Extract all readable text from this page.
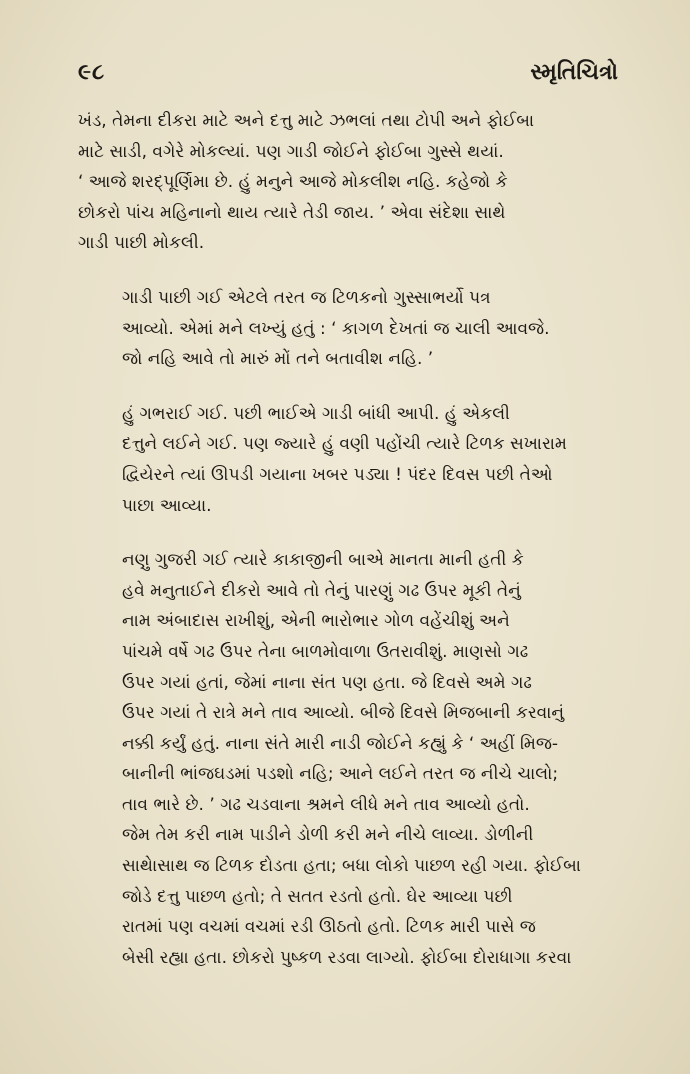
૯૮	સ્મૃતિચિત્રો

ખંડ, તેમના દીકરા માટે અને દત્તુ માટે ઝભલાં તથા ટોપી અને ફોઈબા
માટે સાડી, વગેરે મોકલ્યાં. પણ ગાડી જોઈને ફોઈબા ગુસ્સે થયાં.
‘ આજે શરદ્પૂર્ણિમા છે. હું મનુને આજે મોકલીશ નહિ. કહેજો કે
છોકરો પાંચ મહિનાનો થાય ત્યારે તેડી જાય. ’ એવા સંદેશા સાથે
ગાડી પાછી મોકલી.

ગાડી પાછી ગઈ એટલે તરત જ ટિળકનો ગુસ્સાભર્યો પત્ર
આવ્યો. એમાં મને લખ્યું હતું : ‘ કાગળ દેખતાં જ ચાલી આવજે.
જો નહિ આવે તો મારું મોં તને બતાવીશ નહિ. ’

હું ગભરાઈ ગઈ. પછી ભાઈએ ગાડી બાંધી આપી. હું એકલી
દત્તુને લઈને ગઈ. પણ જ્યારે હું વણી પહોંચી ત્યારે ટિળક સખારામ
દ્વિયેરને ત્યાં ઊપડી ગયાના ખબર પડ્યા ! પંદર દિવસ પછી તેઓ
પાછા આવ્યા.

નણુ ગુજરી ગઈ ત્યારે કાકાજીની બાએ માનતા માની હતી કે
હવે મનુતાઈને દીકરો આવે તો તેનું પારણું ગઢ ઉપર મૂકી તેનું
નામ અંબાદાસ રાખીશું, એની ભારોભાર ગોળ વહેંચીશું અને
પાંચમે વર્ષે ગઢ ઉપર તેના બાળમોવાળા ઉતરાવીશું. માણસો ગઢ
ઉપર ગયાં હતાં, જેમાં નાના સંત પણ હતા. જે દિવસે અમે ગઢ
ઉપર ગયાં તે રાત્રે મને તાવ આવ્યો. બીજે દિવસે મિજબાની કરવાનું
નક્કી કર્યું હતું. નાના સંતે મારી નાડી જોઈને કહ્યું કે ‘ અહીં મિજ-
બાનીની ભાંજઘડમાં પડશો નહિ; આને લઈને તરત જ નીચે ચાલો;
તાવ ભારે છે. ’ ગઢ ચડવાના શ્રમને લીધે મને તાવ આવ્યો હતો.
જેમ તેમ કરી નામ પાડીને ડોળી કરી મને નીચે લાવ્યા. ડોળીની
સાથેાસાથ જ ટિળક દોડતા હતા; બધા લોકો પાછળ રહી ગયા. ફોઈબા
જોડે દત્તુ પાછળ હતો; તે સતત રડતો હતો. ઘેર આવ્યા પછી
રાતમાં પણ વચમાં વચમાં રડી ઊઠતો હતો. ટિળક મારી પાસે જ
બેસી રહ્યા હતા. છોકરો પુષ્કળ રડવા લાગ્યો. ફોઈબા દોરાધાગા કરવા
